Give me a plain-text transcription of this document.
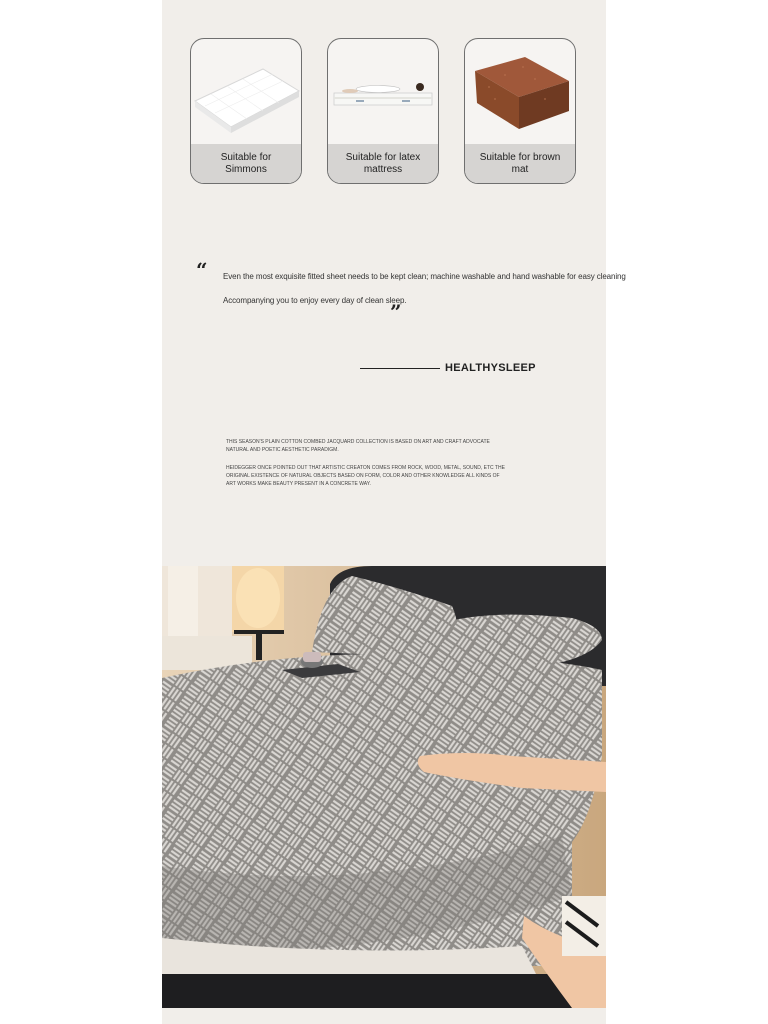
Suitable for Simmons
Suitable for latex mattress
Suitable for brown mat
“ Even the most exquisite fitted sheet needs to be kept clean; machine washable and hand washable for easy cleaning
Accompanying you to enjoy every day of clean sleep.
”
HEALTHYSLEEP
THIS SEASON'S PLAIN COTTON COMBED JACQUARD COLLECTION IS BASED ON ART AND CRAFT ADVOCATE NATURAL AND POETIC AESTHETIC PARADIGM.
HEIDEGGER ONCE POINTED OUT THAT ARTISTIC CREATON COMES FROM ROCK, WOOD, METAL, SOUND, ETC THE ORIGINAL EXISTENCE OF NATURAL OBJECTS BASED ON FORM, COLOR AND OTHER KNOWLEDGE ALL KINDS OF ART WORKS MAKE BEAUTY PRESENT IN A CONCRETE WAY.
